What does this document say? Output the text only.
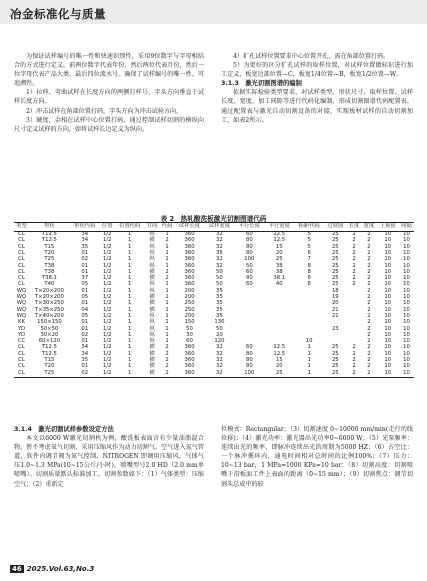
冶金标准化与质量

为保证试样编号的唯一性和快速识别性，采用9位数字与字母相结合的方式进行定义。前两位数字代表年份，然后两位代表月份，然后一位字母代表产品大类，最后四位流水号。确保了试样编号的唯一性、可追溯性。

1）拉伸、弯曲试样在长度方向的两侧打样号，字头方向垂直于试样长度方向。

2）冲击试样在角部位置打码，字头方向为冲击试验方向。

3）硬度、金相在试样中心位置打码，通过控制试样切割的横纵向尺寸定义试样的方向，如将试样长边定义为纵向。

4）扩孔试样位置要求中心位置开孔，需在角部位置打码。

5）为更好的区分扩孔试样的取样位置，对试样位置做标识进行加工定义，板宽边部位置—C，板宽1/4位置—B，板宽1/2位置—W。

3.1.3　激光切割图谱的编制

依据实际检验类型要求，对试样类型、形状尺寸、取样位置、试样长度、宽度、加工间隙等进行代码化编制，形成切割图谱代码配置表。通过配置表与激光自动切割设备的对接，实现板材试样的自动切割加工，如表2所示。

表 2　热轧酸洗板激光切割图谱代码
类型	形状	形状代码	位置	位置代码	方向	代码	试样长度	试样宽度	平行长度	平行宽度	标距代码	过度圆	长度	宽度	上预留	间隔
CL	T12.5	34	1/2	1	纵	1	360	32	60	12.5	5	25	2	2	10	10
CL	T12.5	34	1/2	1	横	2	360	32	80	12.5	5	25	2	2	10	10
CL	T15	35	1/2	1	纵	1	360	32	80	15	5	25	2	2	10	10
CL	T20	01	1/2	1	纵	1	360	35	80	20	6	25	2	2	10	10
CL	T25	02	1/2	1	纵	1	360	32	100	25	7	25	2	2	10	10
CL	T38	01	1/2	1	纵	1	360	32	50	38	8	25	2	2	10	10
CL	T38	01	1/2	1	横	2	360	50	60	38	8	25	2	2	10	10
CL	T38.1	37	1/2	1	横	2	360	50	80	38.1	8	25	2	2	10	10
CL	T40	05	1/2	1	纵	1	360	50	60	40	8	25	2	2	10	10
WQ	T×20×200	01	1/2	1	纵	1	200	35				18		2	10	10
WQ	T×20×200	05	1/2	1	横	1	200	35				19		2	10	10
WQ	T×30×250	01	1/2	1	横	1	250	35				20		2	10	10
WQ	T×35×250	04	1/2	1	横	1	250	35				21		2	10	10
WQ	T×40×200	05	1/2	1	纵	1	200	35				21		2	10	10
KK	150×150	01	1/2	1	纵	1	150	130						2	10	10
YD	50×50	01	1/2	1	纵	1	50	50				23		2	10	10
YD	30×20	02	1/2	1	纵	1	30	20						2	10	10
CC	60×120	01	1/2	1	纵	1	60	120			10			2	10	10
CL	T12.5	34	1/2	1	横	2	360	32	60	12.5	1	25	2	2	10	10
CL	T12.5	34	1/2	1	横	2	360	32	80	12.5	1	25	2	2	10	10
CL	T15	35	1/2	1	横	2	360	32	80	15	1	25	2	2	10	10
CL	T20	01	1/2	1	横	2	360	32	80	20	1	25	2	2	10	10
CL	T25	02	1/2	1	横	2	360	32	100	25	1	25	2	2	10	10

3.1.4　激光切割试样参数设定方法

本文以6000 W激光切割机为例，酸洗板表面含有少量油脂混合物，暂不考虑氧气切割，采用压缩风作为动力切割气。空气进入氮气管道，软件内调节阀为氮气控制，NITROGEN 即调用压缩风，气体气压1.0~1.3 MPa(10~15公斤/小时)，喷嘴型号2.0 HD（2.0 mm单喷嘴）。切割质量默认标准加工。切割参数如下：（1）气体类型：压缩空气；（2）重新定

位模式：Rectangular；（3）切割速度 0~10000 mm/min(走行的线位移)；（4）激光功率：激光器出光功率0~6000 W；（5）光泵频率：连续出光的频率，即脉冲连续出光的周期为5000 HZ；（6）占空比：一个脉冲循环内，通电时间相对总时间的比例100%；（7）压力：10~13 bar，1 MPa=1000 KPa=10 bar；（8）切割高度：切割喷嘴于沿板面工件上表面的距离（0~15 mm）；（9）切割焦点：调节切割头总成中的较

46 2025.Vol.63,No.3
